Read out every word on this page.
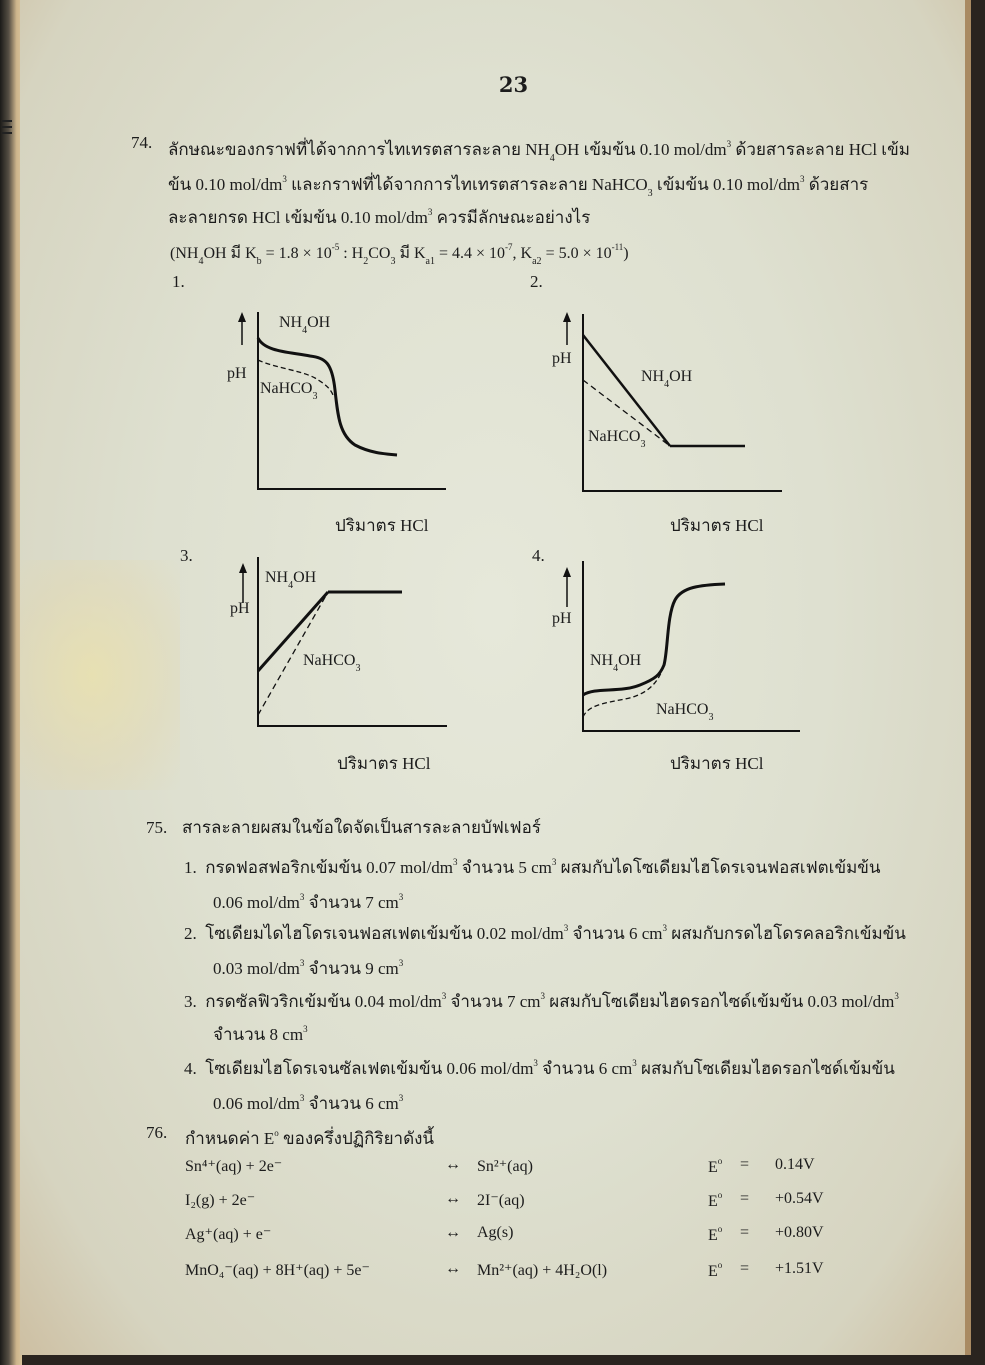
23
74. ลักษณะของกราฟที่ได้จากการไทเทรตสารละลาย $NH_4OH$ เข้มข้น 0.10 mol/$dm^3$ ด้วยสารละลาย HCl เข้ม
ข้น 0.10 mol/$dm^3$ และกราฟที่ได้จากการไทเทรตสารละลาย NaHCO$_3$ เข้มข้น 0.10 mol/$dm^3$ ด้วยสาร
ละลายกรด HCl เข้มข้น 0.10 mol/$dm^3$ ควรมีลักษณะอย่างไร
($NH_4OH$ มี $K_b = 1.8 \times 10^{-5}$ : $H_2CO_3$ มี $K_{a1} = 4.4 \times 10^{-7}$, $K_{a2} = 5.0 \times 10^{-11}$)
1.	2.
$NH_4OH$
pH
NaHCO$_3$
ปริมาตร HCl
$NH_4OH$
pH
NaHCO$_3$
ปริมาตร HCl
3.	4.
$NH_4OH$
pH
NaHCO$_3$
ปริมาตร HCl
$NH_4OH$
pH
NaHCO$_3$
ปริมาตร HCl
75. สารละลายผสมในข้อใดจัดเป็นสารละลายบัฟเฟอร์
1. กรดฟอสฟอริกเข้มข้น 0.07 mol/$dm^3$ จำนวน 5 $cm^3$ ผสมกับไดโซเดียมไฮโดรเจนฟอสเฟตเข้มข้น
0.06 mol/$dm^3$ จำนวน 7 $cm^3$
2. โซเดียมไดไฮโดรเจนฟอสเฟตเข้มข้น 0.02 mol/$dm^3$ จำนวน 6 $cm^3$ ผสมกับกรดไฮโดรคลอริกเข้มข้น
0.03 mol/$dm^3$ จำนวน 9 $cm^3$
3. กรดซัลฟิวริกเข้มข้น 0.04 mol/$dm^3$ จำนวน 7 $cm^3$ ผสมกับโซเดียมไฮดรอกไซด์เข้มข้น 0.03 mol/$dm^3$
จำนวน 8 $cm^3$
4. โซเดียมไฮโดรเจนซัลเฟตเข้มข้น 0.06 mol/$dm^3$ จำนวน 6 $cm^3$ ผสมกับโซเดียมไฮดรอกไซด์เข้มข้น
0.06 mol/$dm^3$ จำนวน 6 $cm^3$
76. กำหนดค่า $E^o$ ของครึ่งปฏิกิริยาดังนี้
Sn⁴⁺(aq) + 2e⁻	↔ Sn²⁺(aq)	$E^o = 0.14V$
I₂(g) + 2e⁻	↔ 2I⁻(aq)	$E^o = +0.54V$
Ag⁺(aq) + e⁻	↔ Ag(s)	$E^o = +0.80V$
MnO₄⁻(aq) + 8H⁺(aq) + 5e⁻	↔ Mn²⁺(aq) + 4H₂O(l)	$E^o = +1.51V$
